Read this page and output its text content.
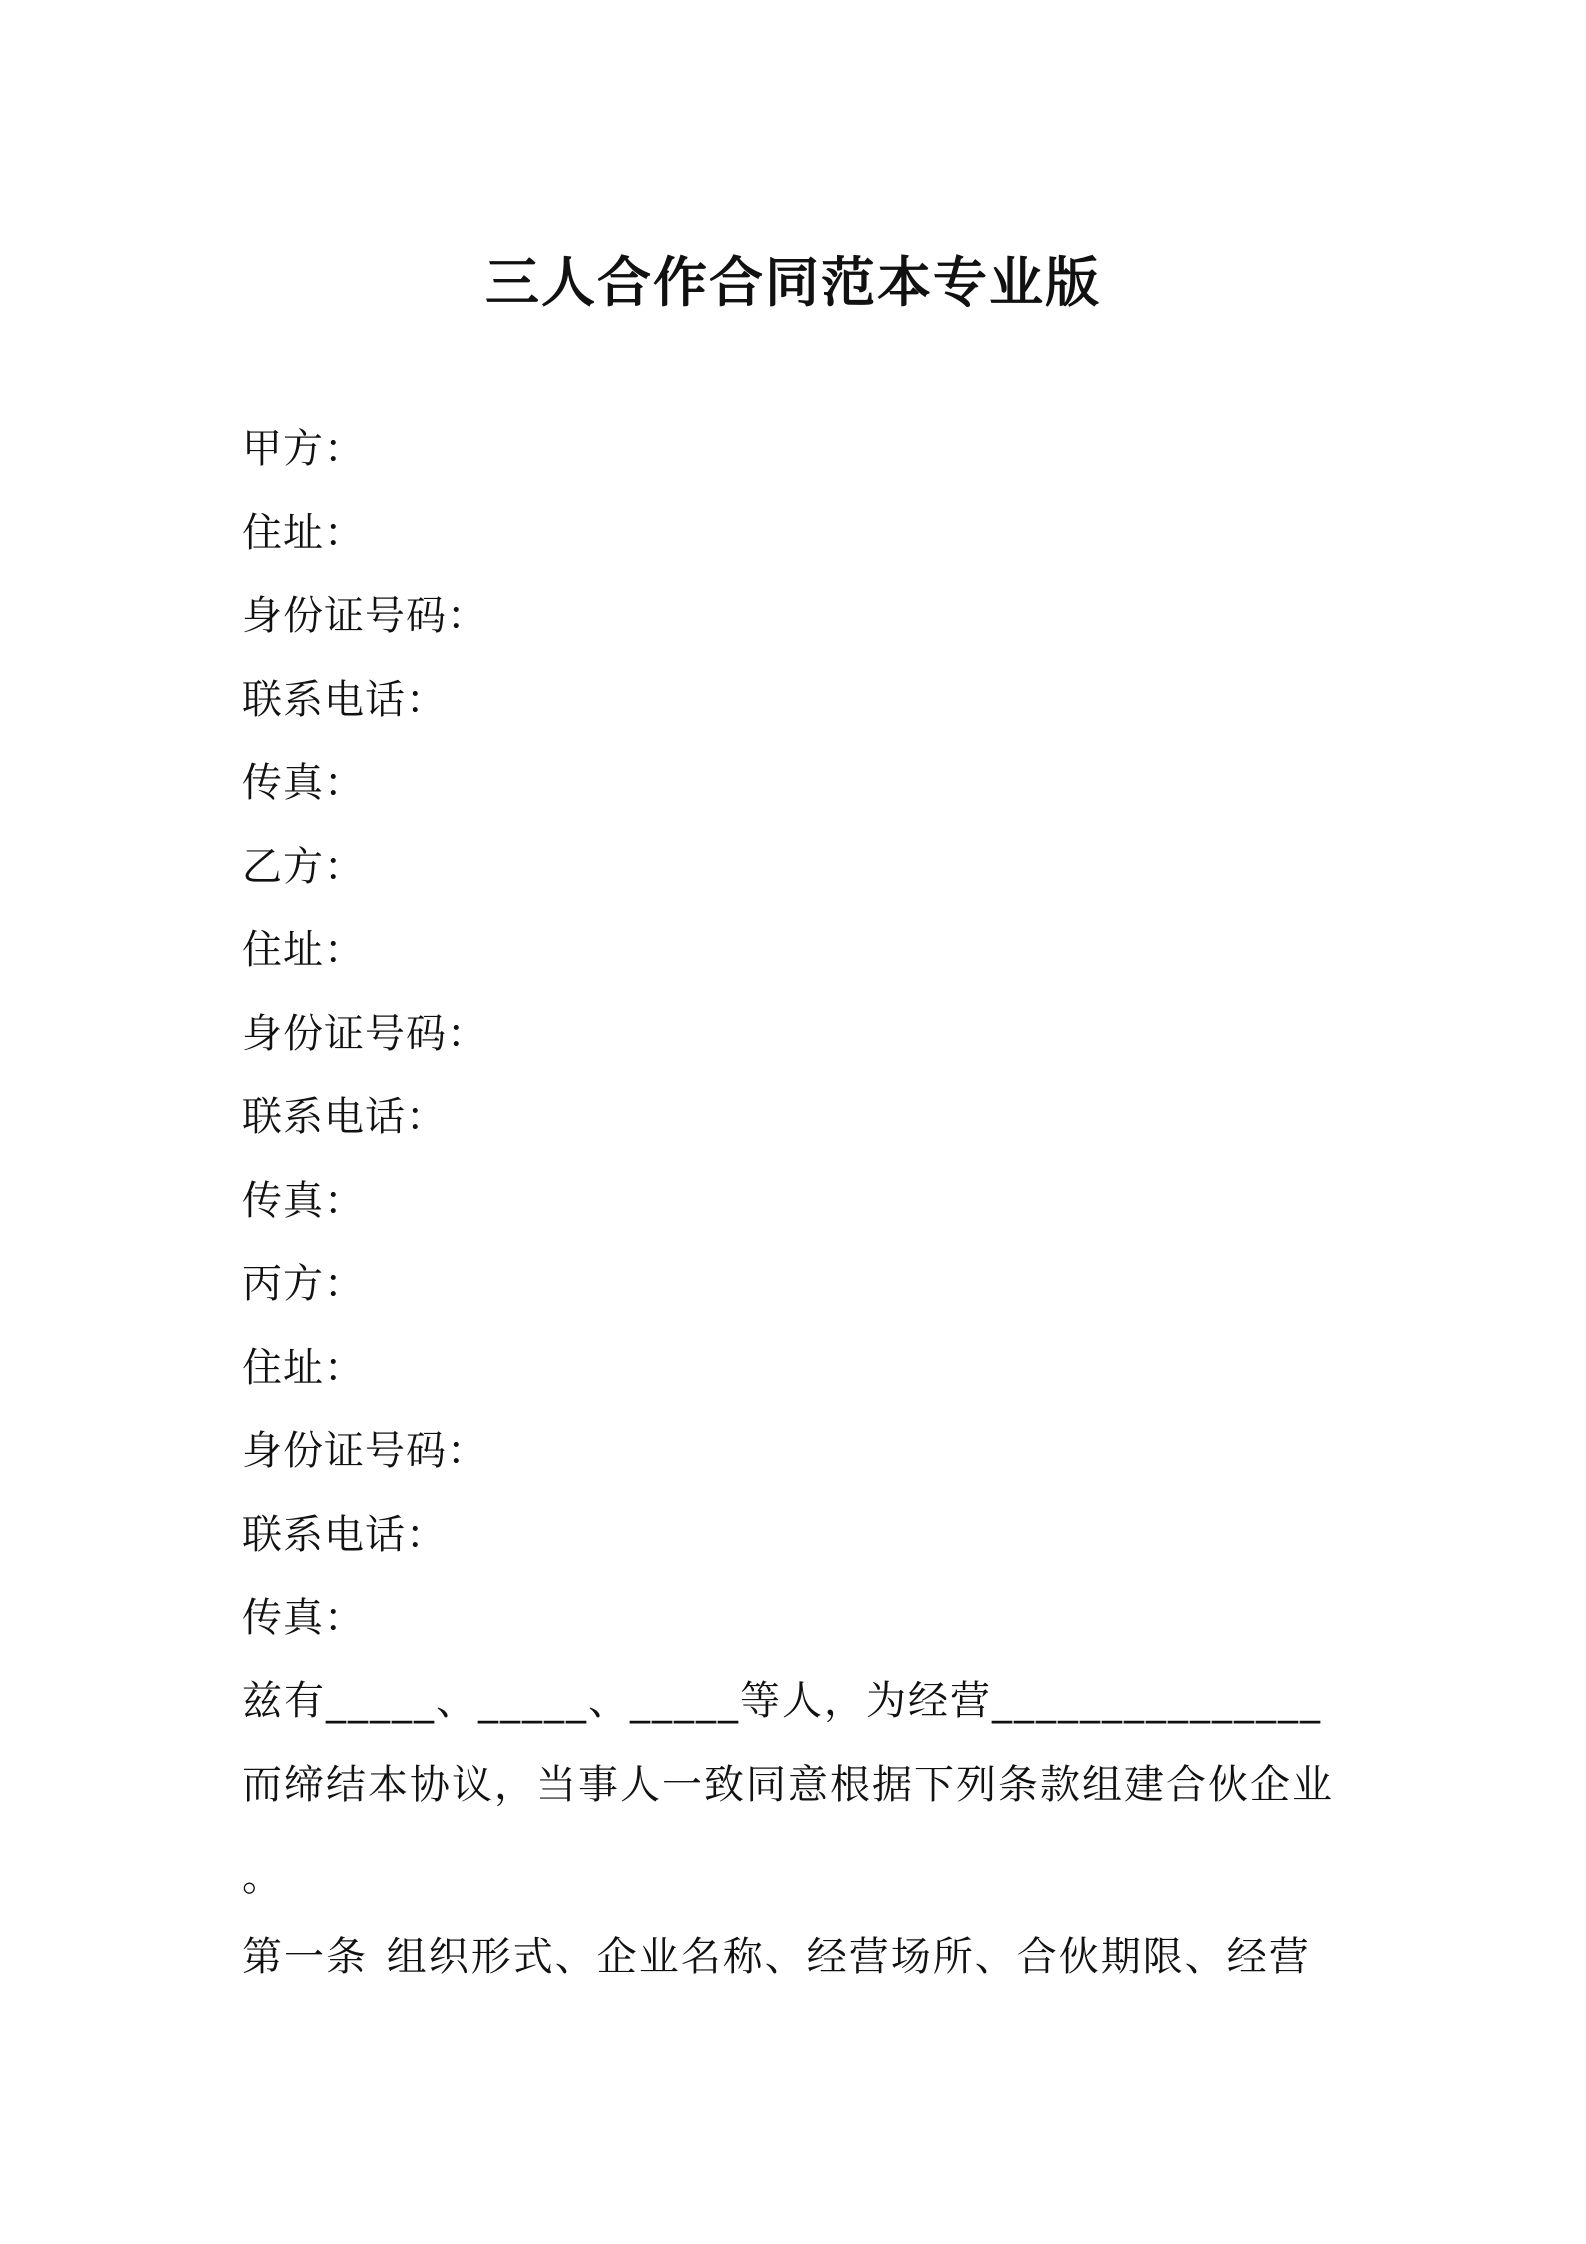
三人合作合同范本专业版
甲方：
住址：
身份证号码：
联系电话：
传真：
乙方：
住址：
身份证号码：
联系电话：
传真：
丙方：
住址：
身份证号码：
联系电话：
传真：
兹有_____、_____、_____等人，为经营_______________
而缔结本协议，当事人一致同意根据下列条款组建合伙企业
。
第一条 组织形式、企业名称、经营场所、合伙期限、经营
